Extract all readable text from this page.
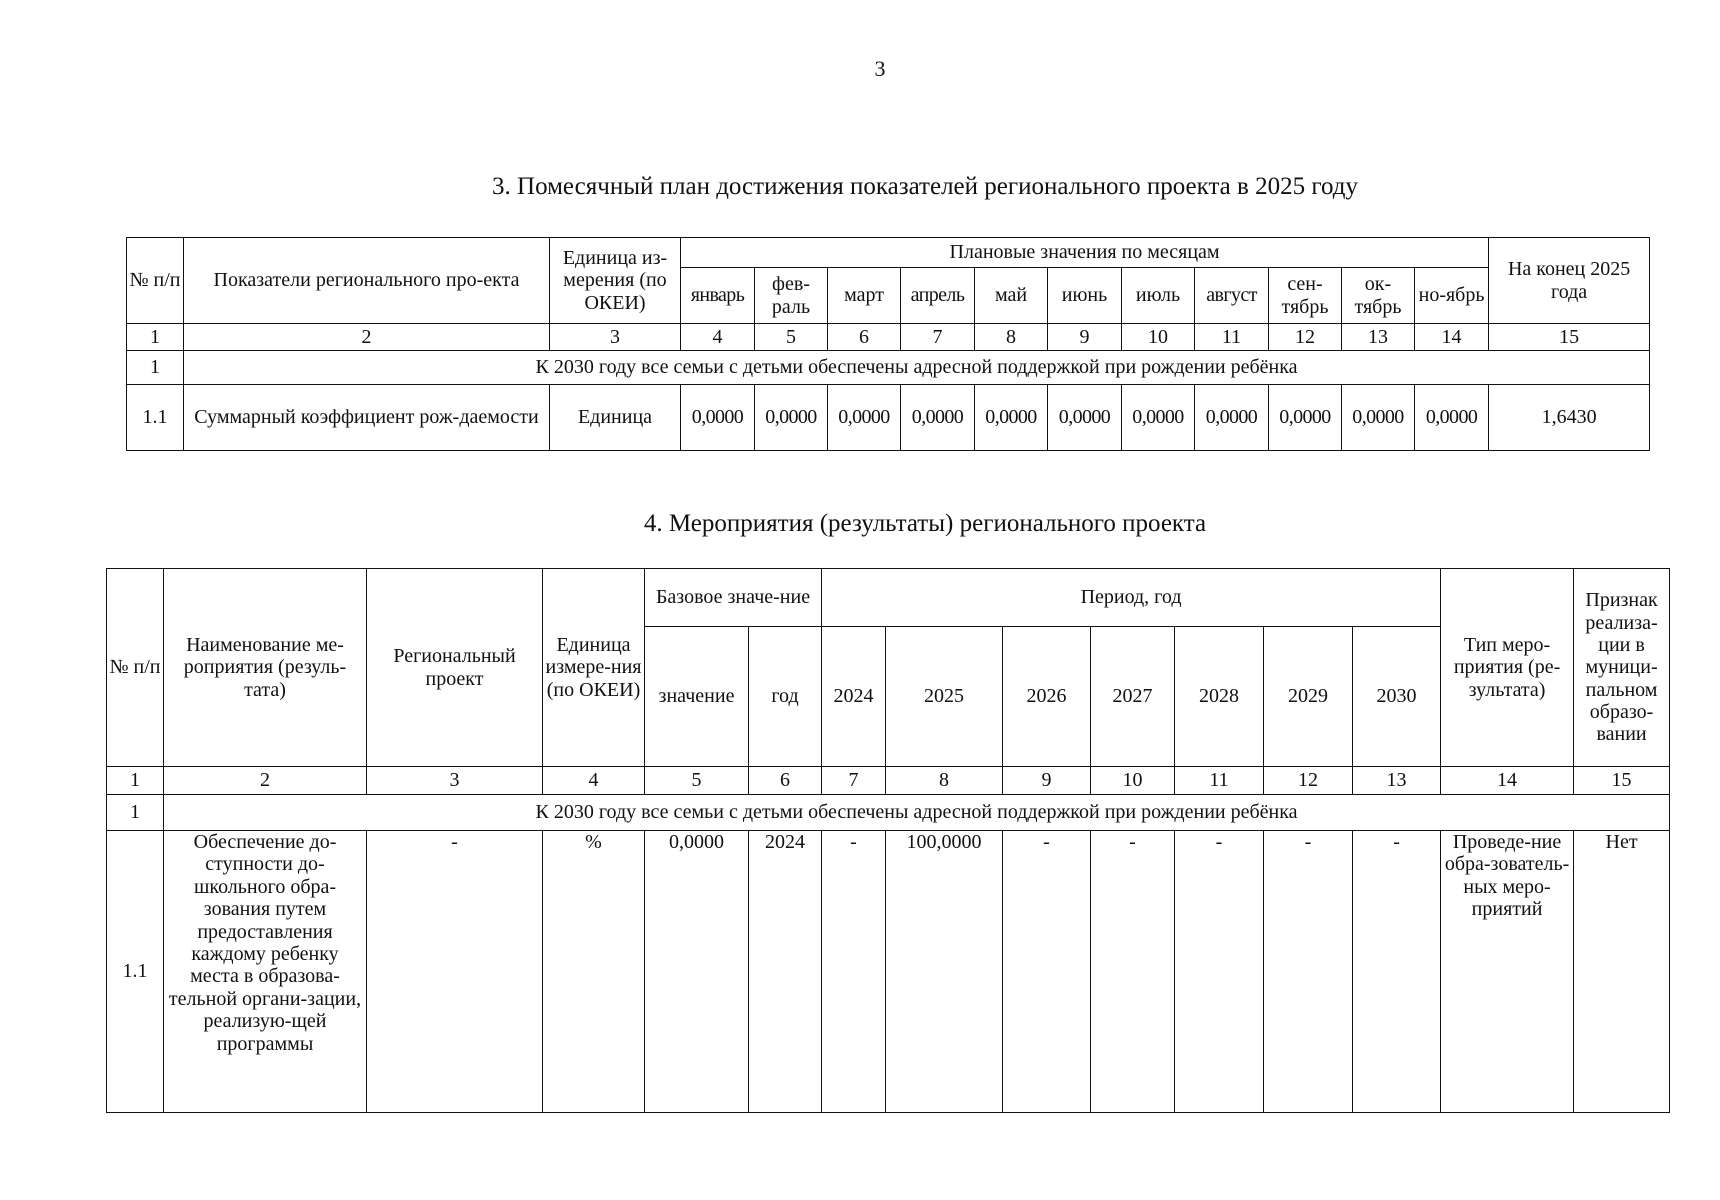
3
3. Помесячный план достижения показателей регионального проекта в 2025 году
№ п/п	Показатели регионального про-екта	Единица из-мерения (по ОКЕИ)	Плановые значения по месяцам											На конец 2025 года
			январь	фев-раль	март	апрель	май	июнь	июль	август	сен-тябрь	ок-тябрь	но-ябрь	
1	2	3	4	5	6	7	8	9	10	11	12	13	14	15
1	К 2030 году все семьи с детьми обеспечены адресной поддержкой при рождении ребёнка													
1.1	Суммарный коэффициент рож-даемости	Единица	0,0000	0,0000	0,0000	0,0000	0,0000	0,0000	0,0000	0,0000	0,0000	0,0000	0,0000	1,6430
4. Мероприятия (результаты) регионального проекта
№ п/п	Наименование ме-роприятия (резуль-тата)	Региональный проект	Единица измере-ния (по ОКЕИ)	Базовое значе-ние		Период, год							Тип меро-приятия (ре-зультата)	Признак реализа-ции в муници-пальном образо-вании
				значение	год	2024	2025	2026	2027	2028	2029	2030		
1	2	3	4	5	6	7	8	9	10	11	12	13	14	15
1	К 2030 году все семьи с детьми обеспечены адресной поддержкой при рождении ребёнка													
1.1	Обеспечение до-ступности до-школьного обра-зования путем предоставления каждому ребенку места в образова-тельной органи-зации, реализую-щей программы	-	%	0,0000	2024	-	100,0000	-	-	-	-	-	Проведе-ние обра-зователь-ных меро-приятий	Нет
